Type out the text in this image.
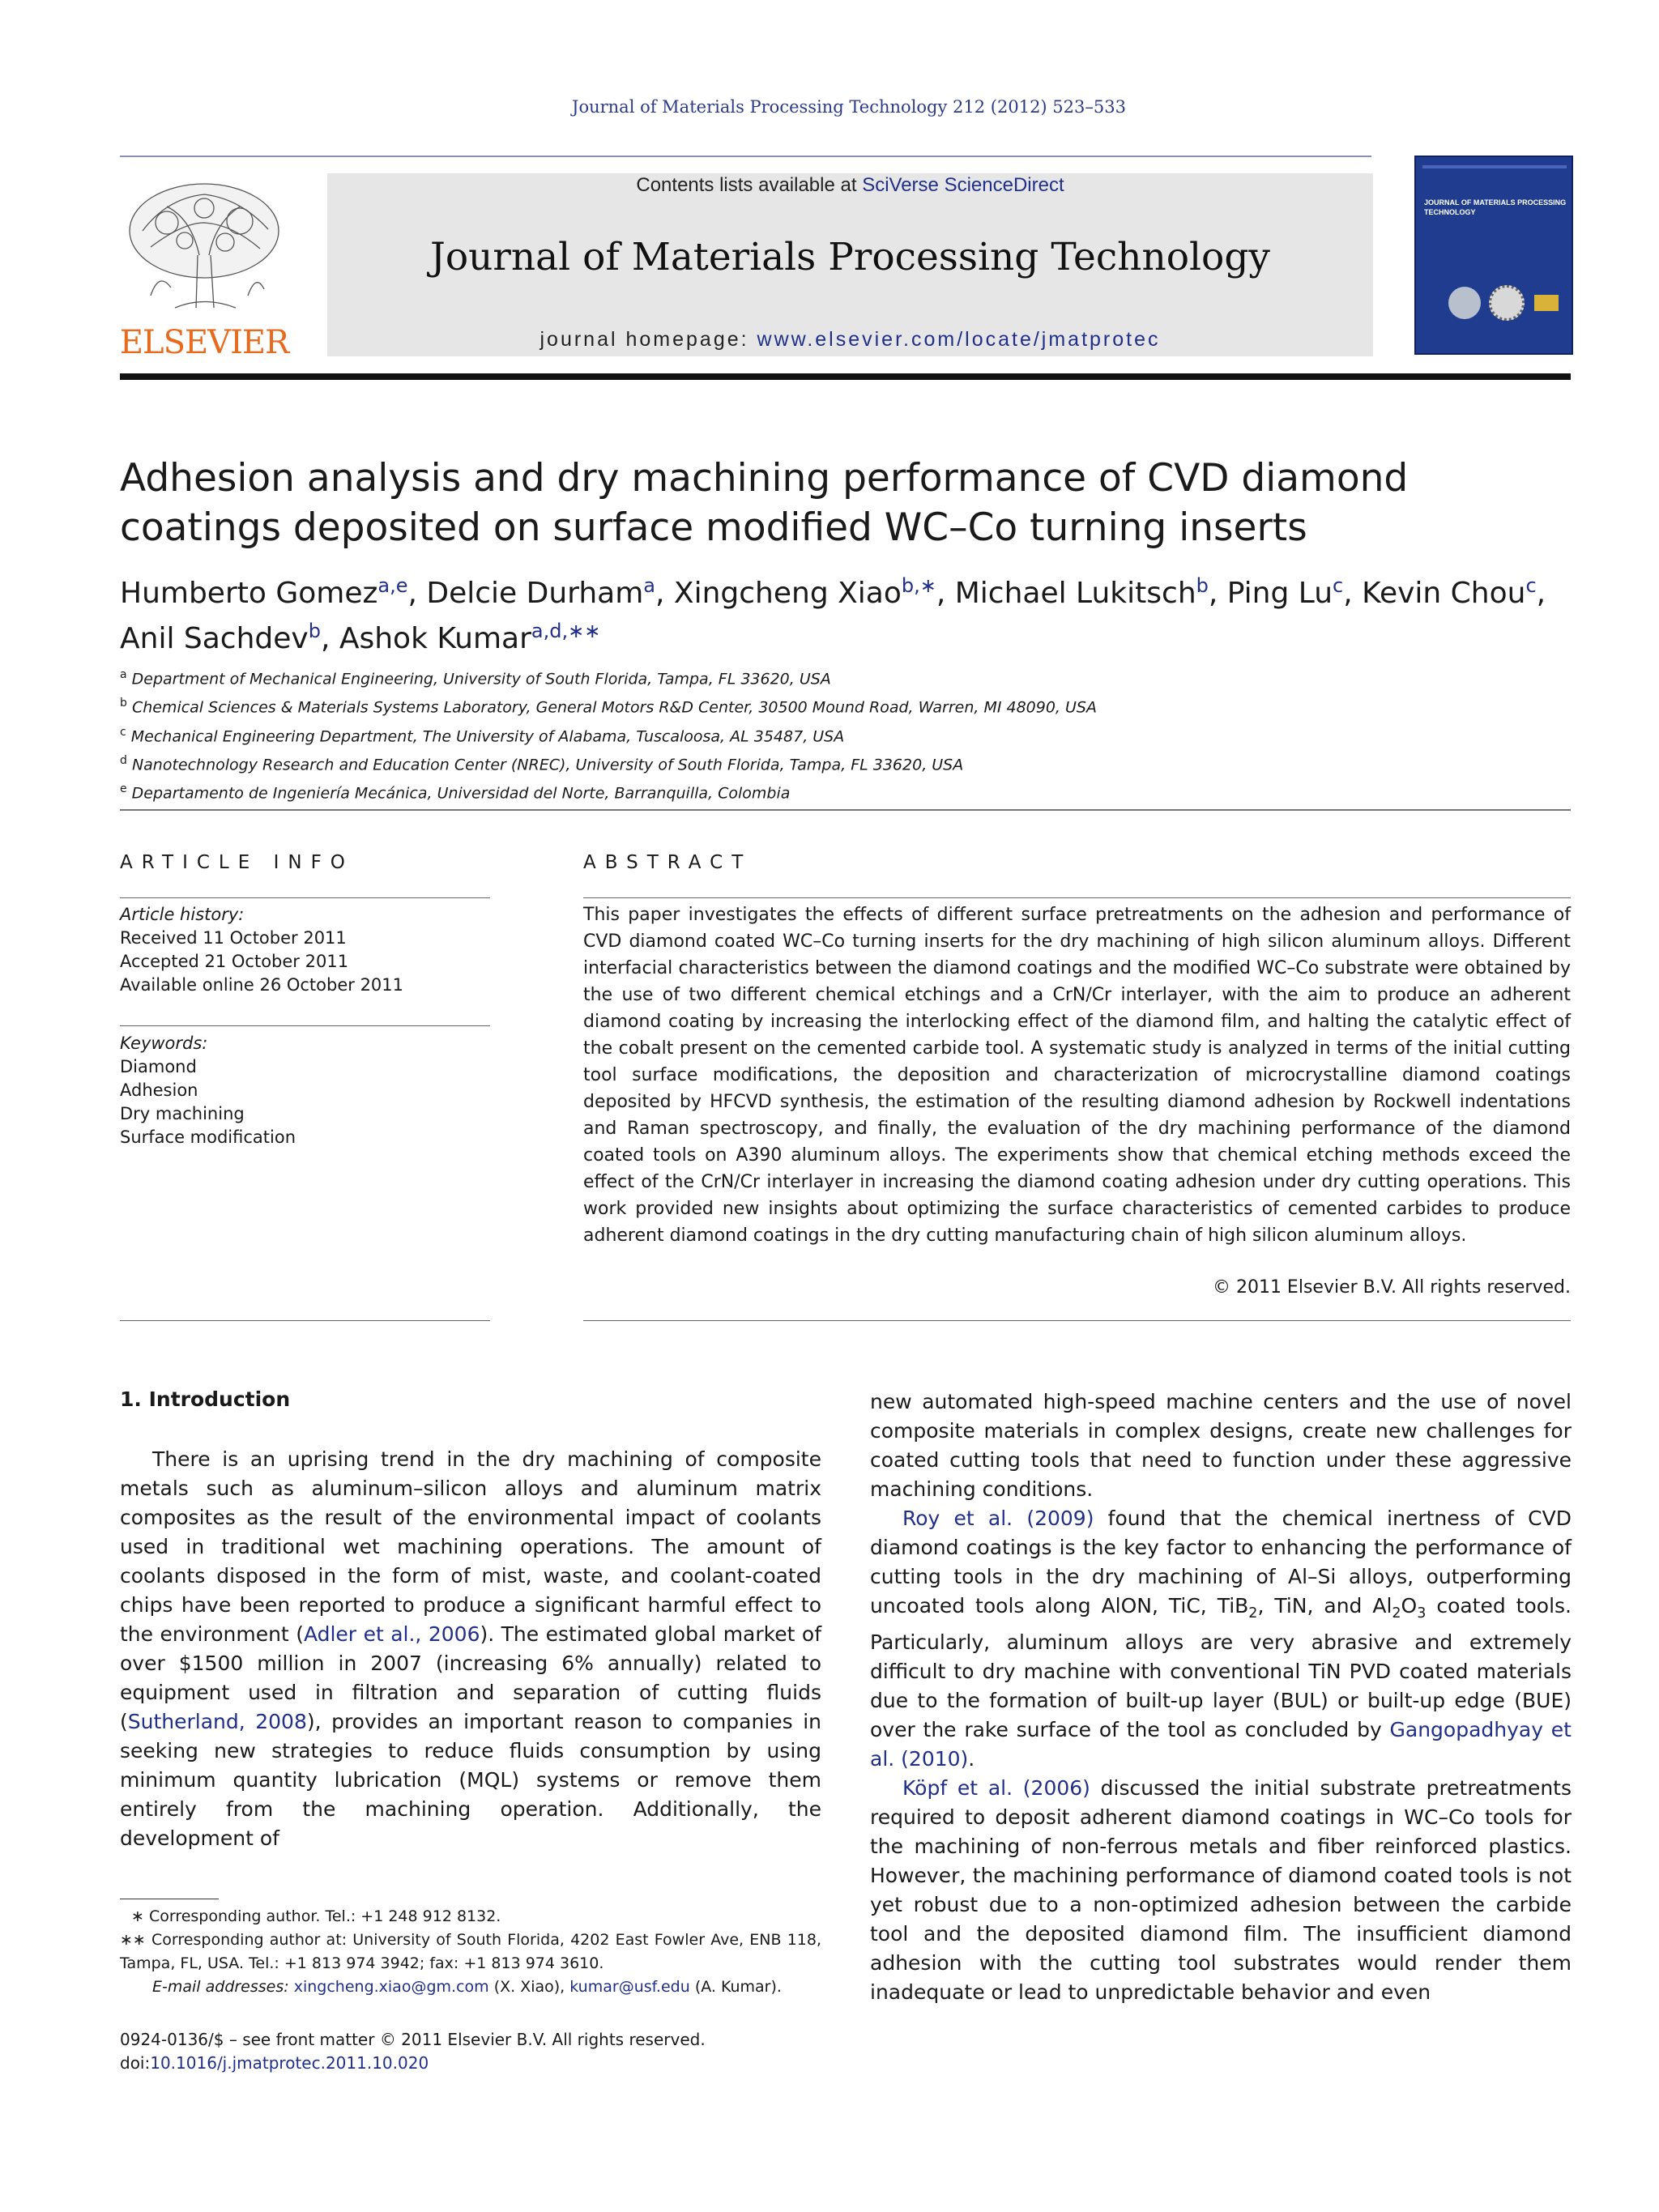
Journal of Materials Processing Technology 212 (2012) 523–533
ELSEVIER
Contents lists available at SciVerse ScienceDirect
Journal of Materials Processing Technology
journal homepage: www.elsevier.com/locate/jmatprotec
JOURNAL OF MATERIALS PROCESSING TECHNOLOGY
Adhesion analysis and dry machining performance of CVD diamond coatings deposited on surface modified WC–Co turning inserts
Humberto Gomez$^{a,e}$, Delcie Durham$^a$, Xingcheng Xiao$^{b,∗}$, Michael Lukitsch$^b$, Ping Lu$^c$, Kevin Chou$^c$,
Anil Sachdev$^b$, Ashok Kumar$^{a,d,∗∗}$
$^a$ Department of Mechanical Engineering, University of South Florida, Tampa, FL 33620, USA
$^b$ Chemical Sciences & Materials Systems Laboratory, General Motors R&D Center, 30500 Mound Road, Warren, MI 48090, USA
$^c$ Mechanical Engineering Department, The University of Alabama, Tuscaloosa, AL 35487, USA
$^d$ Nanotechnology Research and Education Center (NREC), University of South Florida, Tampa, FL 33620, USA
$^e$ Departamento de Ingeniería Mecánica, Universidad del Norte, Barranquilla, Colombia
ARTICLE INFO
Article history:
Received 11 October 2011
Accepted 21 October 2011
Available online 26 October 2011
Keywords:
Diamond
Adhesion
Dry machining
Surface modification
ABSTRACT
This paper investigates the effects of different surface pretreatments on the adhesion and performance of CVD diamond coated WC–Co turning inserts for the dry machining of high silicon aluminum alloys. Different interfacial characteristics between the diamond coatings and the modified WC–Co substrate were obtained by the use of two different chemical etchings and a CrN/Cr interlayer, with the aim to produce an adherent diamond coating by increasing the interlocking effect of the diamond film, and halting the catalytic effect of the cobalt present on the cemented carbide tool. A systematic study is analyzed in terms of the initial cutting tool surface modifications, the deposition and characterization of microcrystalline diamond coatings deposited by HFCVD synthesis, the estimation of the resulting diamond adhesion by Rockwell indentations and Raman spectroscopy, and finally, the evaluation of the dry machining performance of the diamond coated tools on A390 aluminum alloys. The experiments show that chemical etching methods exceed the effect of the CrN/Cr interlayer in increasing the diamond coating adhesion under dry cutting operations. This work provided new insights about optimizing the surface characteristics of cemented carbides to produce adherent diamond coatings in the dry cutting manufacturing chain of high silicon aluminum alloys.
© 2011 Elsevier B.V. All rights reserved.
1. Introduction

There is an uprising trend in the dry machining of composite metals such as aluminum–silicon alloys and aluminum matrix composites as the result of the environmental impact of coolants used in traditional wet machining operations. The amount of coolants disposed in the form of mist, waste, and coolant-coated chips have been reported to produce a significant harmful effect to the environment (Adler et al., 2006). The estimated global market of over $1500 million in 2007 (increasing 6% annually) related to equipment used in filtration and separation of cutting fluids (Sutherland, 2008), provides an important reason to companies in seeking new strategies to reduce fluids consumption by using minimum quantity lubrication (MQL) systems or remove them entirely from the machining operation. Additionally, the development of

new automated high-speed machine centers and the use of novel composite materials in complex designs, create new challenges for coated cutting tools that need to function under these aggressive machining conditions.

Roy et al. (2009) found that the chemical inertness of CVD diamond coatings is the key factor to enhancing the performance of cutting tools in the dry machining of Al–Si alloys, outperforming uncoated tools along AlON, TiC, TiB$_2$, TiN, and $Al_2O_3$ coated tools. Particularly, aluminum alloys are very abrasive and extremely difficult to dry machine with conventional TiN PVD coated materials due to the formation of built-up layer (BUL) or built-up edge (BUE) over the rake surface of the tool as concluded by Gangopadhyay et al. (2010).

Köpf et al. (2006) discussed the initial substrate pretreatments required to deposit adherent diamond coatings in WC–Co tools for the machining of non-ferrous metals and fiber reinforced plastics. However, the machining performance of diamond coated tools is not yet robust due to a non-optimized adhesion between the carbide tool and the deposited diamond film. The insufficient diamond adhesion with the cutting tool substrates would render them inadequate or lead to unpredictable behavior and even

∗ Corresponding author. Tel.: +1 248 912 8132.
∗∗ Corresponding author at: University of South Florida, 4202 East Fowler Ave, ENB 118, Tampa, FL, USA. Tel.: +1 813 974 3942; fax: +1 813 974 3610.
E-mail addresses: xingcheng.xiao@gm.com (X. Xiao), kumar@usf.edu (A. Kumar).
0924-0136/$ – see front matter © 2011 Elsevier B.V. All rights reserved.
doi:10.1016/j.jmatprotec.2011.10.020
